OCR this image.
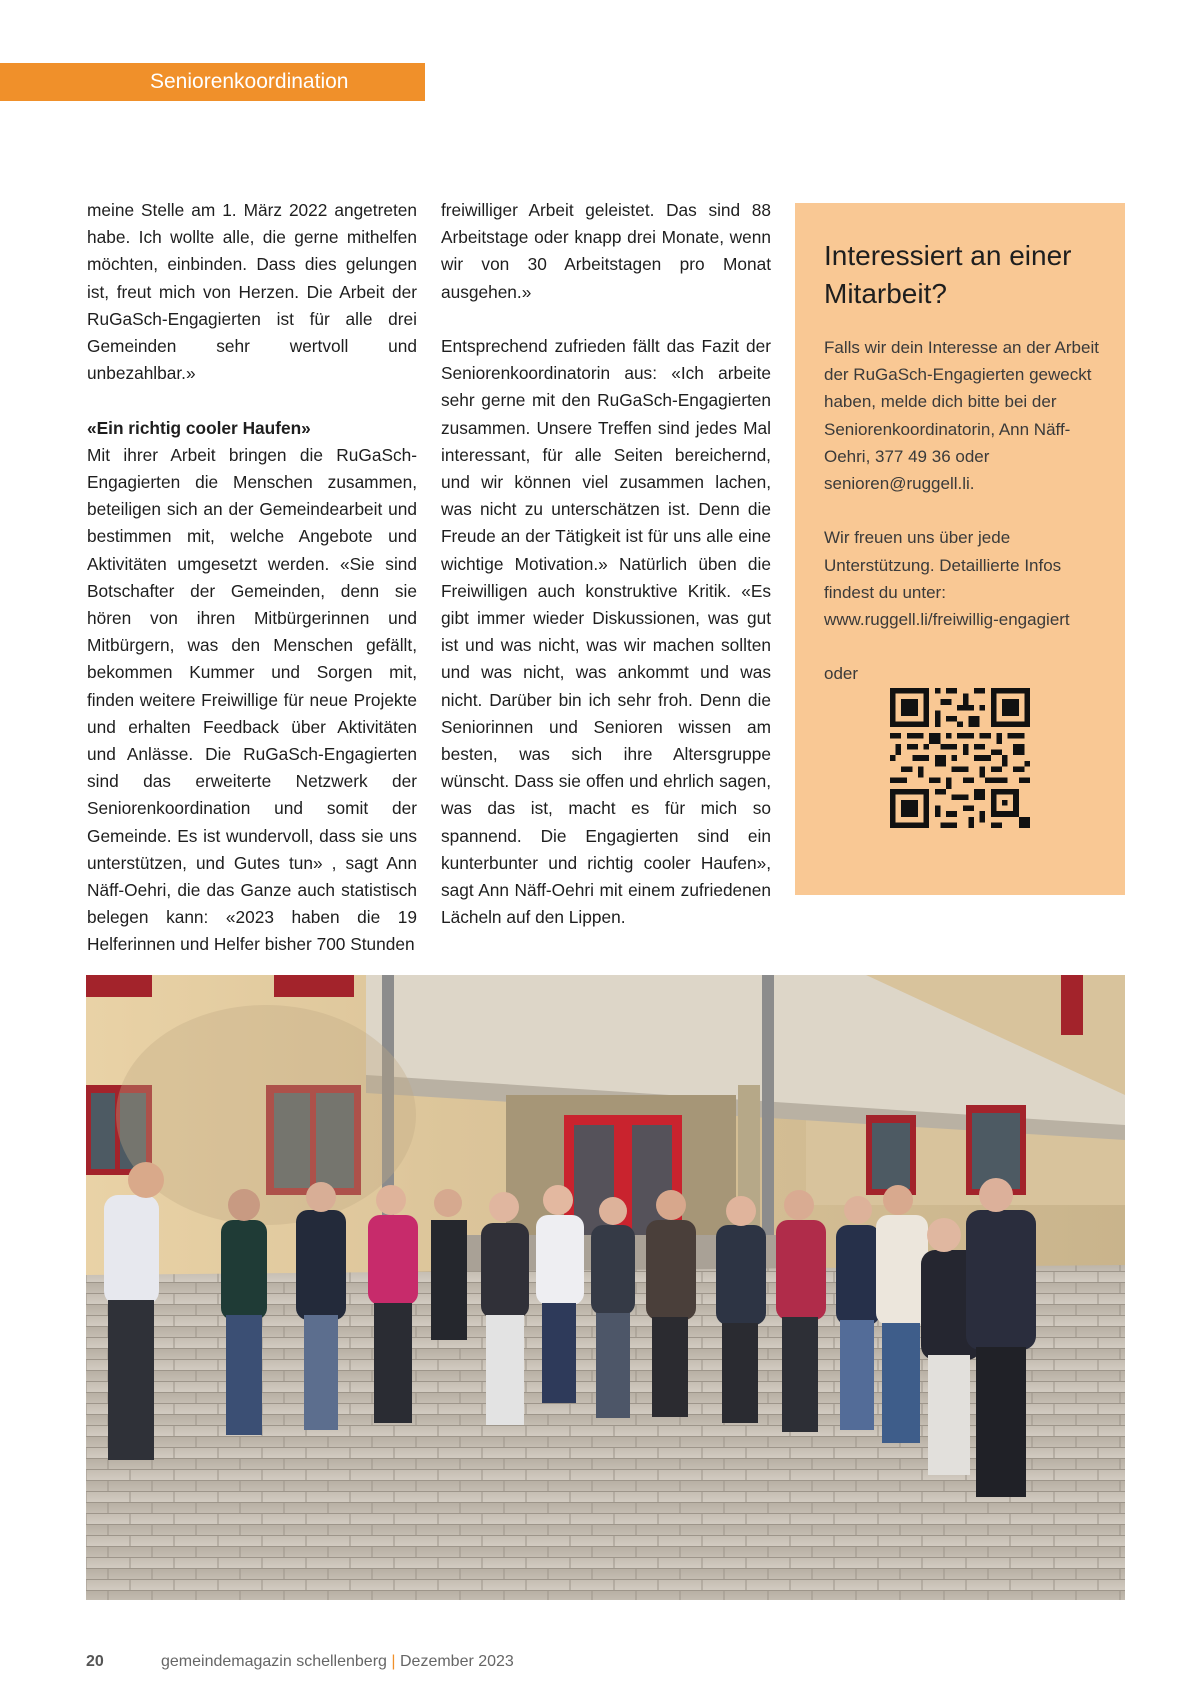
Seniorenkoordination

meine Stelle am 1. März 2022 angetreten habe. Ich wollte alle, die gerne mithelfen möchten, einbinden. Dass dies gelungen ist, freut mich von Herzen. Die Arbeit der RuGaSch-Engagierten ist für alle drei Gemeinden sehr wertvoll und unbezahlbar.»

«Ein richtig cooler Haufen»

Mit ihrer Arbeit bringen die RuGaSch-Engagierten die Menschen zusammen, beteiligen sich an der Gemeindearbeit und bestimmen mit, welche Angebote und Aktivitäten umgesetzt werden. «Sie sind Botschafter der Gemeinden, denn sie hören von ihren Mitbürgerinnen und Mitbürgern, was den Menschen gefällt, bekommen Kummer und Sorgen mit, finden weitere Freiwillige für neue Projekte und erhalten Feedback über Aktivitäten und Anlässe. Die RuGaSch-Engagierten sind das erweiterte Netzwerk der Seniorenkoordination und somit der Gemeinde. Es ist wundervoll, dass sie uns unterstützen, und Gutes tun» , sagt Ann Näff-Oehri, die das Ganze auch statistisch belegen kann: «2023 haben die 19 Helferinnen und Helfer bisher 700 Stunden

freiwilliger Arbeit geleistet. Das sind 88 Arbeitstage oder knapp drei Monate, wenn wir von 30 Arbeitstagen pro Monat ausgehen.»

Entsprechend zufrieden fällt das Fazit der Seniorenkoordinatorin aus: «Ich arbeite sehr gerne mit den RuGaSch-Engagierten zusammen. Unsere Treffen sind jedes Mal interessant, für alle Seiten bereichernd, und wir können viel zusammen lachen, was nicht zu unterschätzen ist. Denn die Freude an der Tätigkeit ist für uns alle eine wichtige Motivation.» Natürlich üben die Freiwilligen auch konstruktive Kritik. «Es gibt immer wieder Diskussionen, was gut ist und was nicht, was wir machen sollten und was nicht, was ankommt und was nicht. Darüber bin ich sehr froh. Denn die Seniorinnen und Senioren wissen am besten, was sich ihre Altersgruppe wünscht. Dass sie offen und ehrlich sagen, was das ist, macht es für mich so spannend. Die Engagierten sind ein kunterbunter und richtig cooler Haufen», sagt Ann Näff-Oehri mit einem zufriedenen Lächeln auf den Lippen.

Interessiert an einer Mitarbeit?

Falls wir dein Interesse an der Arbeit der RuGaSch-Engagierten geweckt haben, melde dich bitte bei der Seniorenkoordinatorin, Ann Näff-Oehri, 377 49 36 oder senioren@ruggell.li.

Wir freuen uns über jede Unterstützung. Detaillierte Infos findest du unter: www.ruggell.li/freiwillig-engagiert

oder

20	gemeindemagazin schellenberg | Dezember 2023
